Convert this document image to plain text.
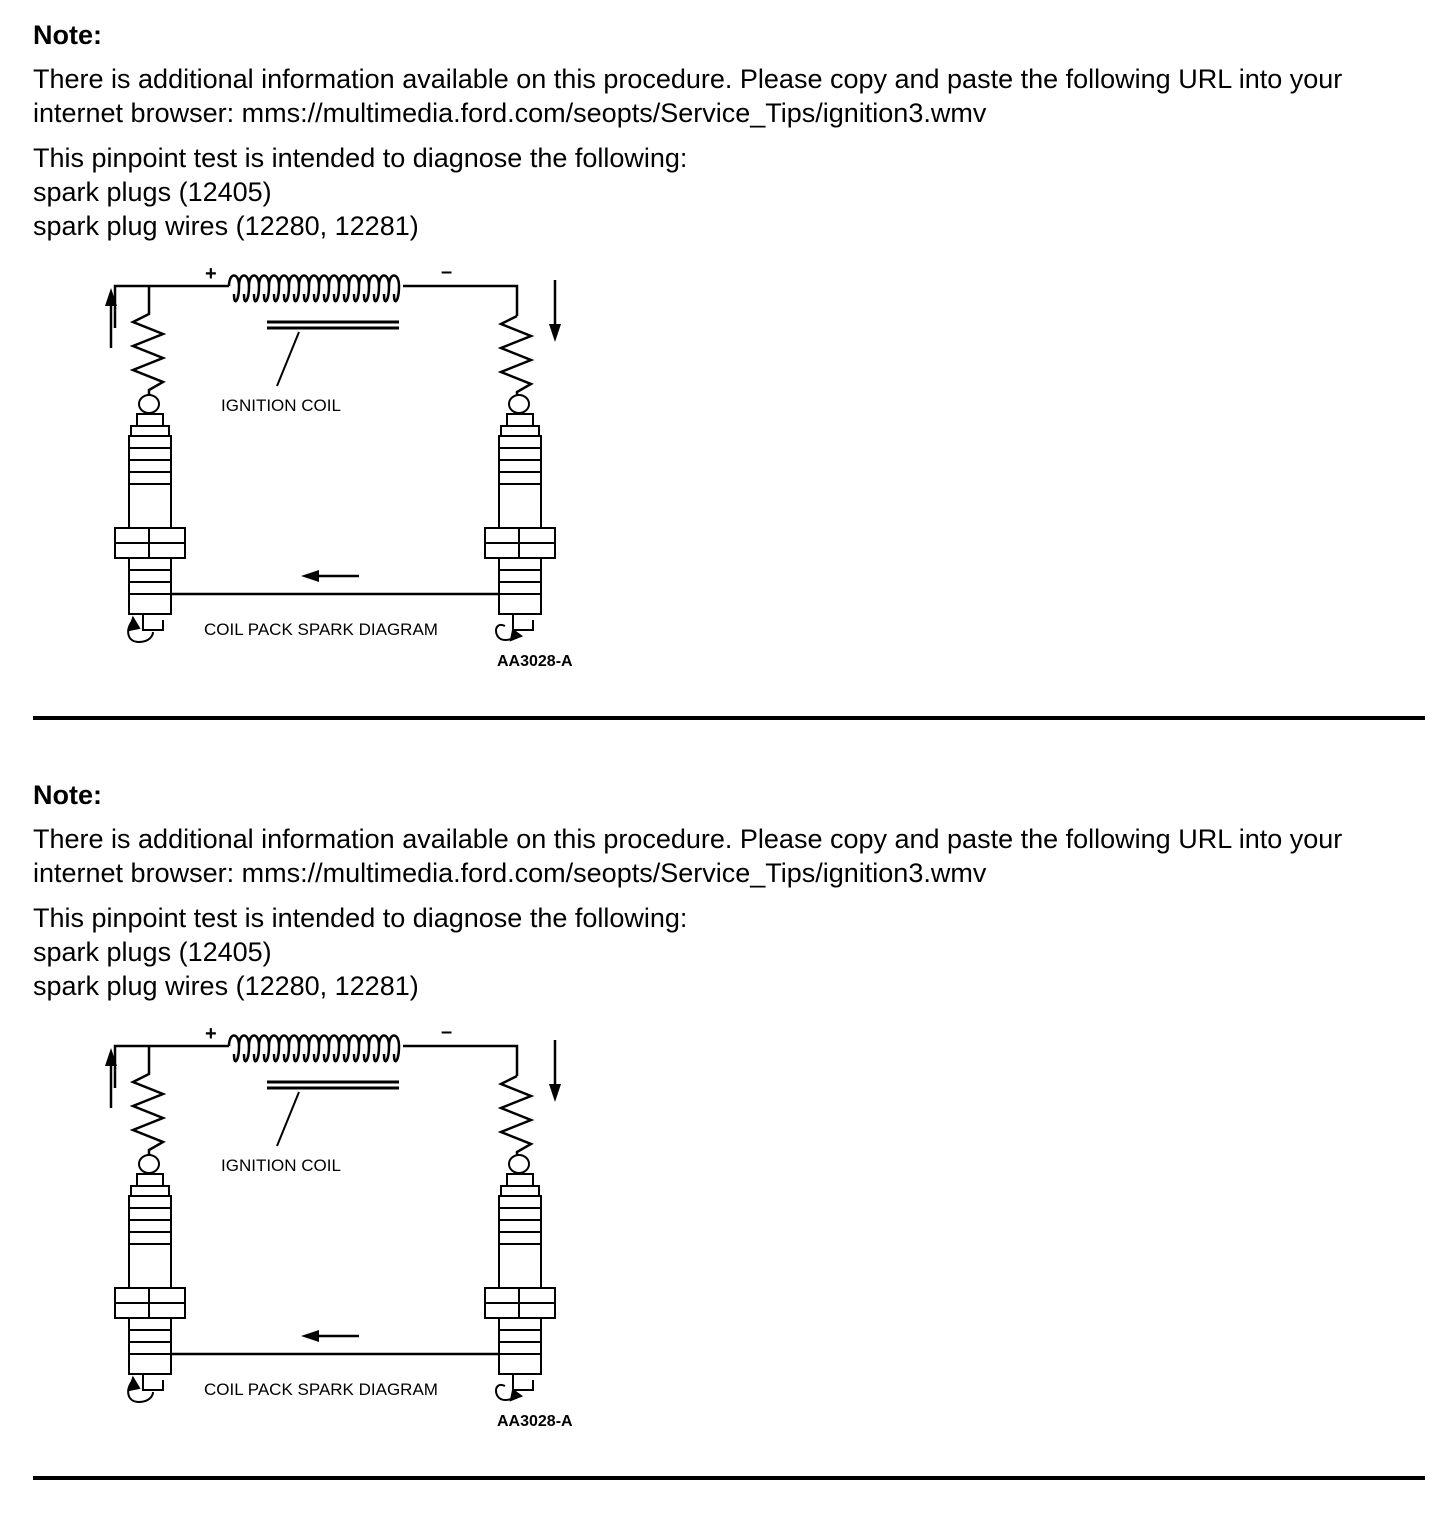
Note:

There is additional information available on this procedure. Please copy and paste the following URL into your internet browser: mms://multimedia.ford.com/seopts/Service_Tips/ignition3.wmv

This pinpoint test is intended to diagnose the following:

spark plugs (12405)

spark plug wires (12280, 12281)

+	–
IGNITION COIL
COIL PACK SPARK DIAGRAM
AA3028-A

Note:

There is additional information available on this procedure. Please copy and paste the following URL into your internet browser: mms://multimedia.ford.com/seopts/Service_Tips/ignition3.wmv

This pinpoint test is intended to diagnose the following:

spark plugs (12405)

spark plug wires (12280, 12281)

+	–
IGNITION COIL
COIL PACK SPARK DIAGRAM
AA3028-A
